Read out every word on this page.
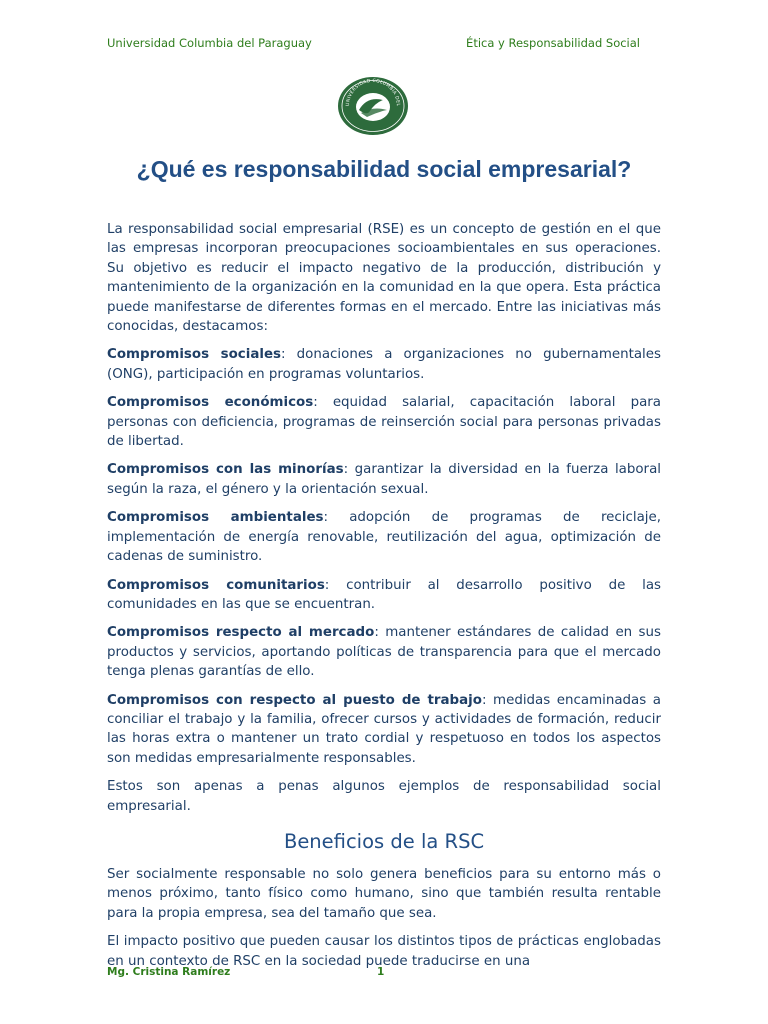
Universidad Columbia del Paraguay	Ética y Responsabilidad Social
UNIVERSIDAD COLUMBIA DEL
¿Qué es responsabilidad social empresarial?

La responsabilidad social empresarial (RSE) es un concepto de gestión en el que las empresas incorporan preocupaciones socioambientales en sus operaciones. Su objetivo es reducir el impacto negativo de la producción, distribución y mantenimiento de la organización en la comunidad en la que opera. Esta práctica puede manifestarse de diferentes formas en el mercado. Entre las iniciativas más conocidas, destacamos:

Compromisos sociales: donaciones a organizaciones no gubernamentales (ONG), participación en programas voluntarios.

Compromisos económicos: equidad salarial, capacitación laboral para personas con deficiencia, programas de reinserción social para personas privadas de libertad.

Compromisos con las minorías: garantizar la diversidad en la fuerza laboral según la raza, el género y la orientación sexual.

Compromisos ambientales: adopción de programas de reciclaje, implementación de energía renovable, reutilización del agua, optimización de cadenas de suministro.

Compromisos comunitarios: contribuir al desarrollo positivo de las comunidades en las que se encuentran.

Compromisos respecto al mercado: mantener estándares de calidad en sus productos y servicios, aportando políticas de transparencia para que el mercado tenga plenas garantías de ello.

Compromisos con respecto al puesto de trabajo: medidas encaminadas a conciliar el trabajo y la familia, ofrecer cursos y actividades de formación, reducir las horas extra o mantener un trato cordial y respetuoso en todos los aspectos son medidas empresarialmente responsables.

Estos son apenas a penas algunos ejemplos de responsabilidad social empresarial.

Beneficios de la RSC

Ser socialmente responsable no solo genera beneficios para su entorno más o menos próximo, tanto físico como humano, sino que también resulta rentable para la propia empresa, sea del tamaño que sea.

El impacto positivo que pueden causar los distintos tipos de prácticas englobadas en un contexto de RSC en la sociedad puede traducirse en una

Mg. Cristina Ramírez	1
